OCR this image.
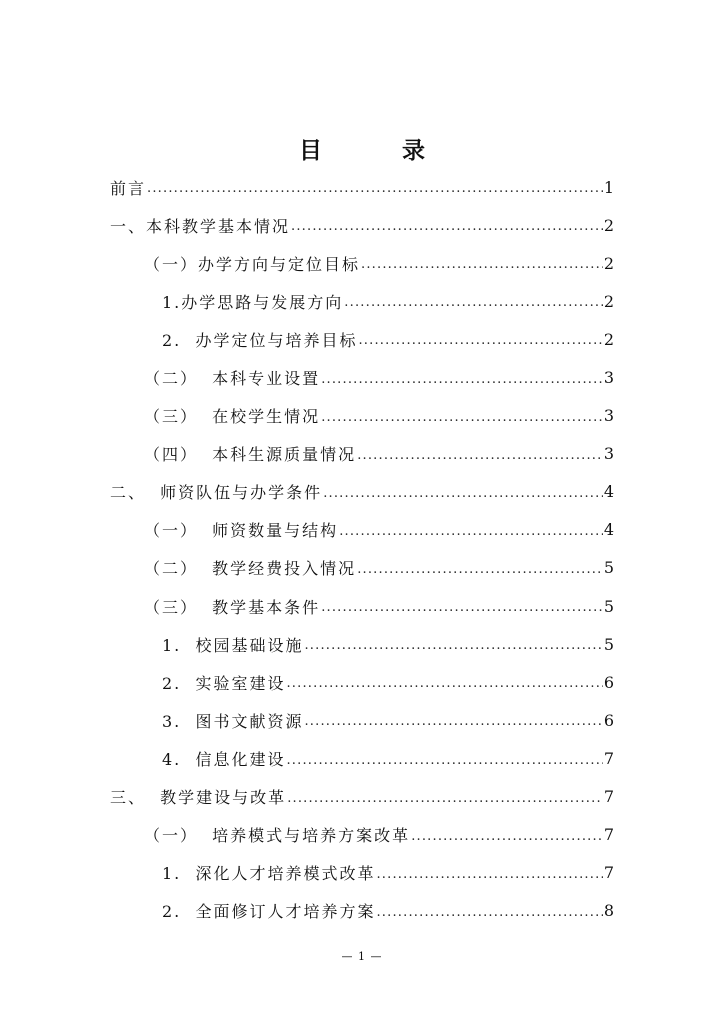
目 录
前言 .....	1
一、本科教学基本情况 .....	2
（一）办学方向与定位目标 .....	2
1.办学思路与发展方向 .....	2
2.  办学定位与培养目标 .....	2
（二）  本科专业设置 .....	3
（三）  在校学生情况 .....	3
（四）  本科生源质量情况 .....	3
二、  师资队伍与办学条件 .....	4
（一）  师资数量与结构 .....	4
（二）  教学经费投入情况 .....	5
（三）  教学基本条件 .....	5
1.  校园基础设施 .....	5
2.  实验室建设 .....	6
3.  图书文献资源 .....	6
4.  信息化建设 .....	7
三、  教学建设与改革 .....	7
（一）  培养模式与培养方案改革 .....	7
1.  深化人才培养模式改革 .....	7
2.  全面修订人才培养方案 .....	8
— 1 —
